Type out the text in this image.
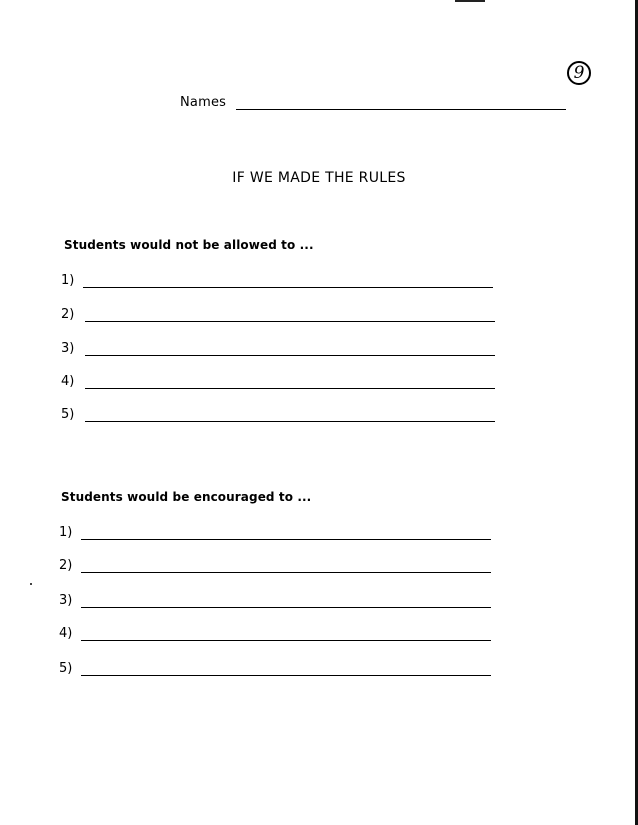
9
Names
IF WE MADE THE RULES
Students would not be allowed to ...
1)
2)
3)
4)
5)
Students would be encouraged to ...
1)
2)
3)
4)
5)
